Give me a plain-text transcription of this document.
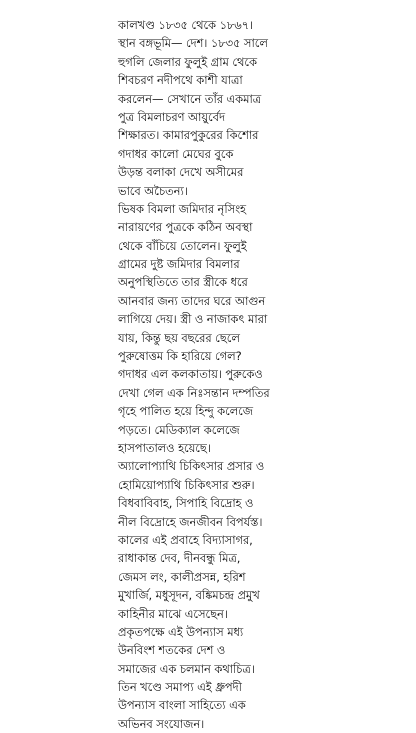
কালখণ্ড ১৮৩৫ থেকে ১৮৬৭।
স্থান বঙ্গভূমি— দেশ। ১৮৩৫ সালে
হুগলি জেলার ফুলুই গ্রাম থেকে
শিবচরণ নদীপথে কাশী যাত্রা
করলেন— সেখানে তাঁর একমাত্র
পুত্র বিমলাচরণ আয়ুর্বেদ
শিক্ষারত। কামারপুকুরের কিশোর
গদাধর কালো মেঘের বুকে
উড়ন্ত বলাকা দেখে অসীমের
ভাবে অচৈতন্য।
ভিষক বিমলা জমিদার নৃসিংহ
নারায়ণের পুত্রকে কঠিন অবস্থা
থেকে বাঁচিয়ে তোলেন। ফুলুই
গ্রামের দুষ্ট জমিদার বিমলার
অনুপস্থিতিতে তার স্ত্রীকে ধরে
আনবার জন্য তাদের ঘরে আগুন
লাগিয়ে দেয়। স্ত্রী ও নাজাকৎ মারা
যায়, কিন্তু ছয় বছরের ছেলে
পুরুষোত্তম কি হারিয়ে গেল?
গদাধর এল কলকাতায়। পুরুকেও
দেখা গেল এক নিঃসন্তান দম্পতির
গৃহে পালিত হয়ে হিন্দু কলেজে
পড়তে। মেডিক্যাল কলেজে
হাসপাতালও হয়েছে।
অ্যালোপ্যাথি চিকিৎসার প্রসার ও
হোমিয়োপ্যাথি চিকিৎসার শুরু।
বিধবাবিবাহ, সিপাহি বিদ্রোহ ও
নীল বিদ্রোহে জনজীবন বিপর্যস্ত।
কালের এই প্রবাহে বিদ্যাসাগর,
রাধাকান্ত দেব, দীনবন্ধু মিত্র,
জেমস লং, কালীপ্রসন্ন, হরিশ
মুখার্জি, মধুসূদন, বঙ্কিমচন্দ্র প্রমুখ
কাহিনীর মাঝে এসেছেন।
প্রকৃতপক্ষে এই উপন্যাস মধ্য
উনবিংশ শতকের দেশ ও
সমাজের এক চলমান কথাচিত্র।
তিন খণ্ডে সমাপ্য এই ধ্রুপদী
উপন্যাস বাংলা সাহিত্যে এক
অভিনব সংযোজন।
